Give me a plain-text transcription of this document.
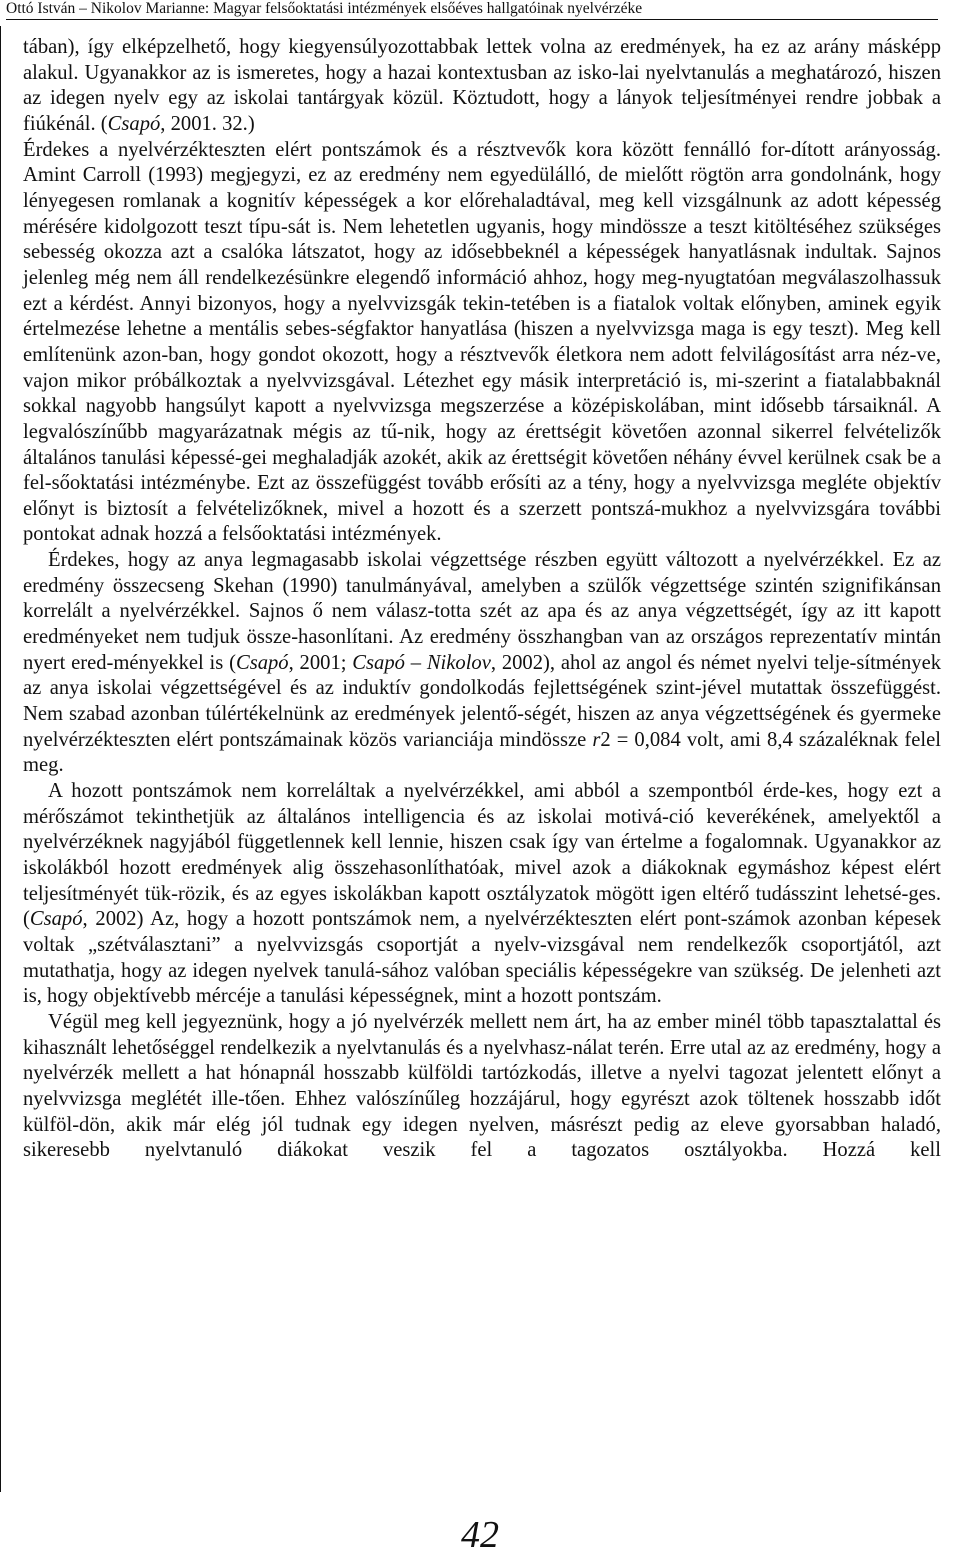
Ottó István – Nikolov Marianne: Magyar felsőoktatási intézmények elsőéves hallgatóinak nyelvérzéke

tában), így elképzelhető, hogy kiegyensúlyozottabbak lettek volna az eredmények, ha ez az arány másképp alakul. Ugyanakkor az is ismeretes, hogy a hazai kontextusban az isko-lai nyelvtanulás a meghatározó, hiszen az idegen nyelv egy az iskolai tantárgyak közül. Köztudott, hogy a lányok teljesítményei rendre jobbak a fiúkénál. (Csapó, 2001. 32.)

Érdekes a nyelvérzékteszten elért pontszámok és a résztvevők kora között fennálló for-dított arányosság. Amint Carroll (1993) megjegyzi, ez az eredmény nem egyedülálló, de mielőtt rögtön arra gondolnánk, hogy lényegesen romlanak a kognitív képességek a kor előrehaladtával, meg kell vizsgálnunk az adott képesség mérésére kidolgozott teszt típu-sát is. Nem lehetetlen ugyanis, hogy mindössze a teszt kitöltéséhez szükséges sebesség okozza azt a csalóka látszatot, hogy az idősebbeknél a képességek hanyatlásnak indultak. Sajnos jelenleg még nem áll rendelkezésünkre elegendő információ ahhoz, hogy meg-nyugtatóan megválaszolhassuk ezt a kérdést. Annyi bizonyos, hogy a nyelvvizsgák tekin-tetében is a fiatalok voltak előnyben, aminek egyik értelmezése lehetne a mentális sebes-ségfaktor hanyatlása (hiszen a nyelvvizsga maga is egy teszt). Meg kell említenünk azon-ban, hogy gondot okozott, hogy a résztvevők életkora nem adott felvilágosítást arra néz-ve, vajon mikor próbálkoztak a nyelvvizsgával. Létezhet egy másik interpretáció is, mi-szerint a fiatalabbaknál sokkal nagyobb hangsúlyt kapott a nyelvvizsga megszerzése a középiskolában, mint idősebb társaiknál. A legvalószínűbb magyarázatnak mégis az tű-nik, hogy az érettségit követően azonnal sikerrel felvételizők általános tanulási képessé-gei meghaladják azokét, akik az érettségit követően néhány évvel kerülnek csak be a fel-sőoktatási intézménybe. Ezt az összefüggést tovább erősíti az a tény, hogy a nyelvvizsga megléte objektív előnyt is biztosít a felvételizőknek, mivel a hozott és a szerzett pontszá-mukhoz a nyelvvizsgára további pontokat adnak hozzá a felsőoktatási intézmények.

Érdekes, hogy az anya legmagasabb iskolai végzettsége részben együtt változott a nyelvérzékkel. Ez az eredmény összecseng Skehan (1990) tanulmányával, amelyben a szülők végzettsége szintén szignifikánsan korrelált a nyelvérzékkel. Sajnos ő nem válasz-totta szét az apa és az anya végzettségét, így az itt kapott eredményeket nem tudjuk össze-hasonlítani. Az eredmény összhangban van az országos reprezentatív mintán nyert ered-ményekkel is (Csapó, 2001; Csapó – Nikolov, 2002), ahol az angol és német nyelvi telje-sítmények az anya iskolai végzettségével és az induktív gondolkodás fejlettségének szint-jével mutattak összefüggést. Nem szabad azonban túlértékelnünk az eredmények jelentő-ségét, hiszen az anya végzettségének és gyermeke nyelvérzékteszten elért pontszámainak közös varianciája mindössze r2 = 0,084 volt, ami 8,4 százaléknak felel meg.

A hozott pontszámok nem korreláltak a nyelvérzékkel, ami abból a szempontból érde-kes, hogy ezt a mérőszámot tekinthetjük az általános intelligencia és az iskolai motivá-ció keverékének, amelyektől a nyelvérzéknek nagyjából függetlennek kell lennie, hiszen csak így van értelme a fogalomnak. Ugyanakkor az iskolákból hozott eredmények alig összehasonlíthatóak, mivel azok a diákoknak egymáshoz képest elért teljesítményét tük-rözik, és az egyes iskolákban kapott osztályzatok mögött igen eltérő tudásszint lehetsé-ges. (Csapó, 2002) Az, hogy a hozott pontszámok nem, a nyelvérzékteszten elért pont-számok azonban képesek voltak „szétválasztani” a nyelvvizsgás csoportját a nyelv-vizsgával nem rendelkezők csoportjától, azt mutathatja, hogy az idegen nyelvek tanulá-sához valóban speciális képességekre van szükség. De jelenheti azt is, hogy objektívebb mércéje a tanulási képességnek, mint a hozott pontszám.

Végül meg kell jegyeznünk, hogy a jó nyelvérzék mellett nem árt, ha az ember minél több tapasztalattal és kihasznált lehetőséggel rendelkezik a nyelvtanulás és a nyelvhasz-nálat terén. Erre utal az az eredmény, hogy a nyelvérzék mellett a hat hónapnál hosszabb külföldi tartózkodás, illetve a nyelvi tagozat jelentett előnyt a nyelvvizsga meglétét ille-tően. Ehhez valószínűleg hozzájárul, hogy egyrészt azok töltenek hosszabb időt külföl-dön, akik már elég jól tudnak egy idegen nyelven, másrészt pedig az eleve gyorsabban haladó, sikeresebb nyelvtanuló diákokat veszik fel a tagozatos osztályokba. Hozzá kell

42
